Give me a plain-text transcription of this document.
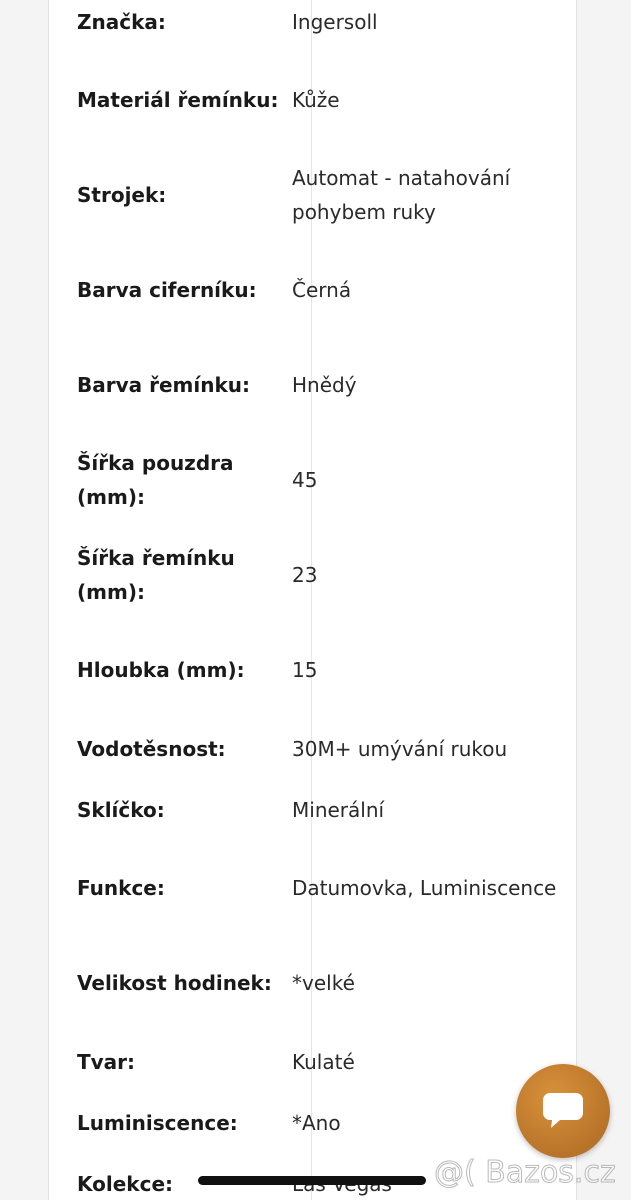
Značka:	Ingersoll
Materiál řemínku: Kůže
Strojek:
Automat - natahování pohybem ruky
Barva ciferníku:	Černá
Barva řemínku:	Hnědý
Šířka pouzdra (mm):
45
Šířka řemínku (mm):
23
Hloubka (mm):	15
Vodotěsnost:	30M+ umývání rukou
Sklíčko:	Minerální
Funkce:	Datumovka, Luminiscence
Velikost hodinek:	*velké
Tvar:	Kulaté
Luminiscence:	*Ano
Kolekce:	@( Bazos.cz
